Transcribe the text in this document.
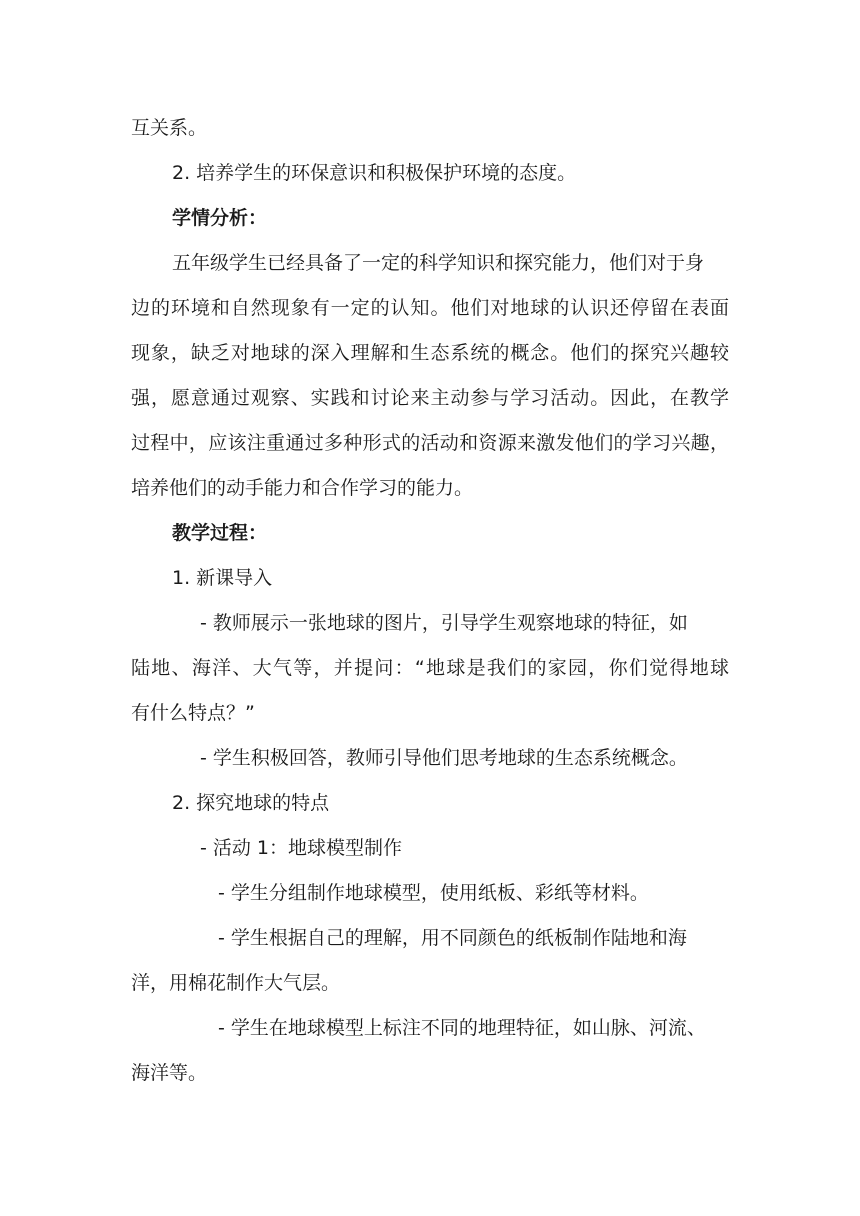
互关系。
2. 培养学生的环保意识和积极保护环境的态度。
学情分析：
五年级学生已经具备了一定的科学知识和探究能力，他们对于身
边的环境和自然现象有一定的认知。他们对地球的认识还停留在表面
现象，缺乏对地球的深入理解和生态系统的概念。他们的探究兴趣较
强，愿意通过观察、实践和讨论来主动参与学习活动。因此，在教学
过程中，应该注重通过多种形式的活动和资源来激发他们的学习兴趣，
培养他们的动手能力和合作学习的能力。
教学过程：
1. 新课导入
- 教师展示一张地球的图片，引导学生观察地球的特征，如
陆地、海洋、大气等，并提问：“地球是我们的家园，你们觉得地球
有什么特点？”
- 学生积极回答，教师引导他们思考地球的生态系统概念。
2. 探究地球的特点
- 活动 1：地球模型制作
- 学生分组制作地球模型，使用纸板、彩纸等材料。
- 学生根据自己的理解，用不同颜色的纸板制作陆地和海
洋，用棉花制作大气层。
- 学生在地球模型上标注不同的地理特征，如山脉、河流、
海洋等。
